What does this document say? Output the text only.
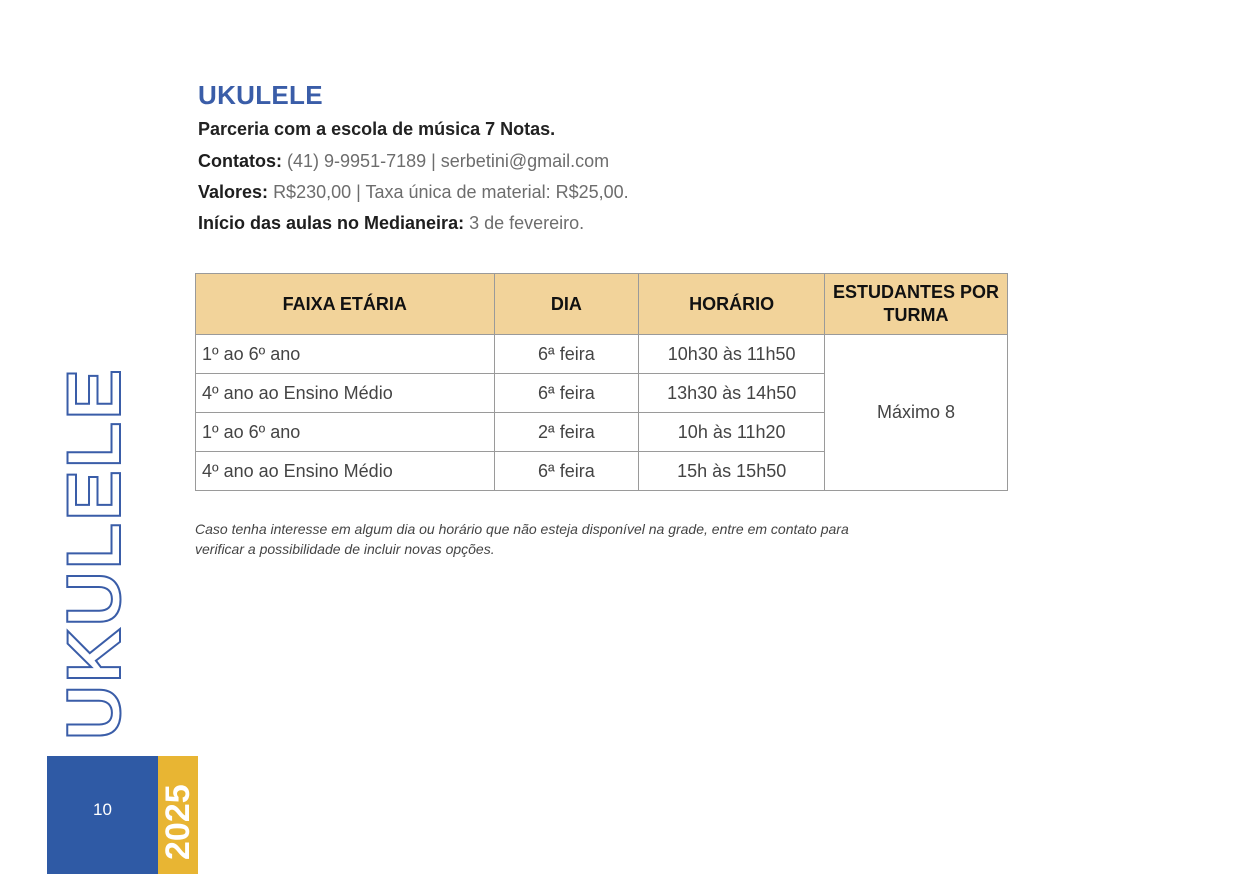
UKULELE
Parceria com a escola de música 7 Notas.
Contatos: (41) 9-9951-7189 | serbetini@gmail.com
Valores: R$230,00 | Taxa única de material: R$25,00.
Início das aulas no Medianeira: 3 de fevereiro.
FAIXA ETÁRIA	DIA	HORÁRIO	ESTUDANTES POR TURMA
1º ao 6º ano	6ª feira	10h30 às 11h50	Máximo 8
4º ano ao Ensino Médio	6ª feira	13h30 às 14h50	
1º ao 6º ano	2ª feira	10h às 11h20	
4º ano ao Ensino Médio	6ª feira	15h às 15h50	
Caso tenha interesse em algum dia ou horário que não esteja disponível na grade, entre em contato para verificar a possibilidade de incluir novas opções.
UKULELE
10	2025
